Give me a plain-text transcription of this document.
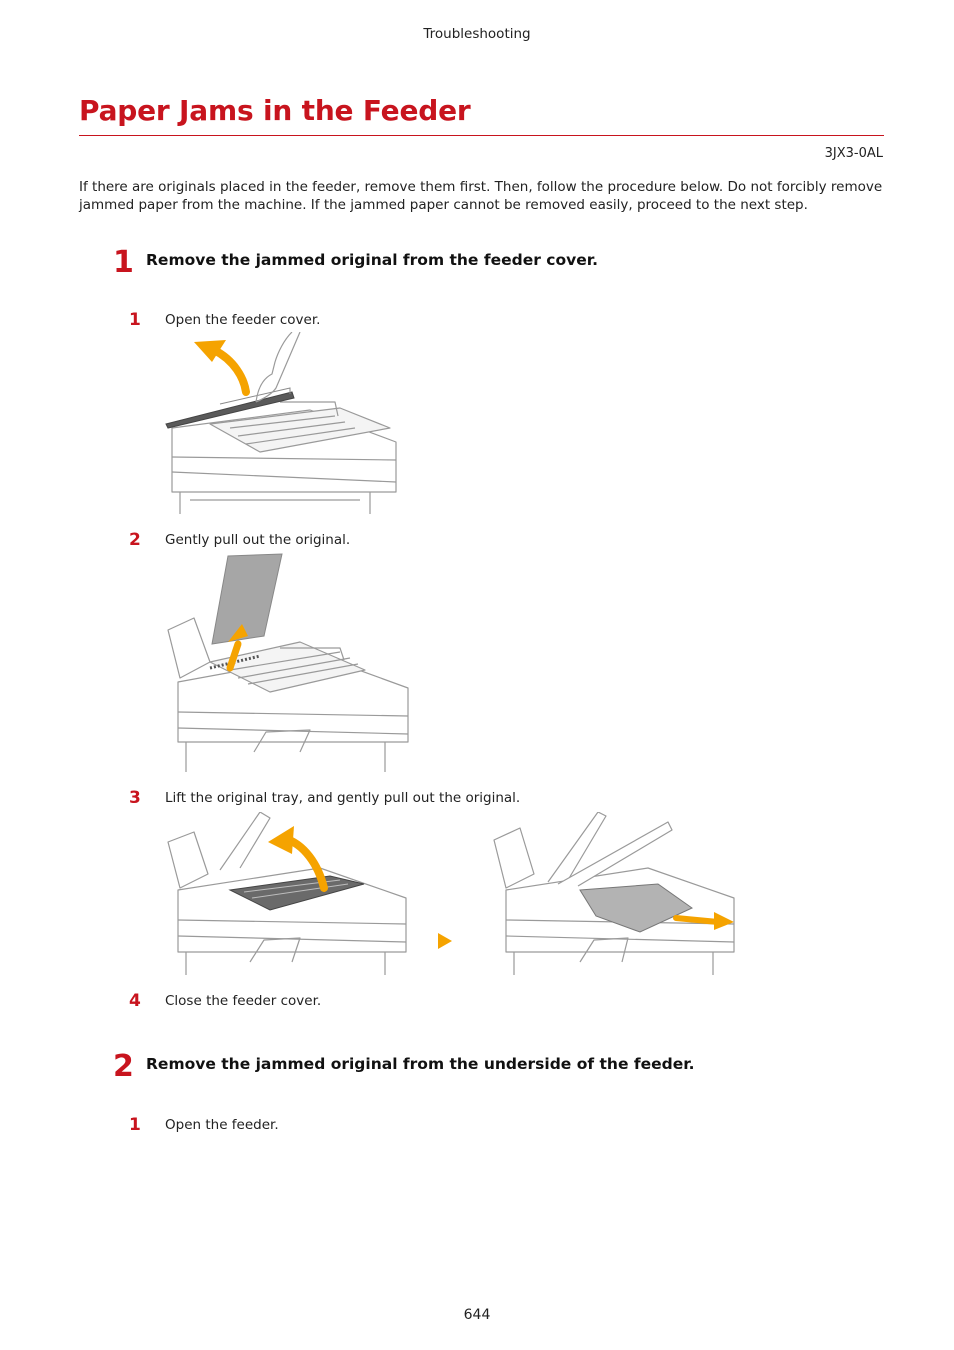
Troubleshooting
Paper Jams in the Feeder
3JX3-0AL
If there are originals placed in the feeder, remove them first. Then, follow the procedure below. Do not forcibly remove jammed paper from the machine. If the jammed paper cannot be removed easily, proceed to the next step.
1 Remove the jammed original from the feeder cover.
1 Open the feeder cover.
2 Gently pull out the original.
3 Lift the original tray, and gently pull out the original.
4 Close the feeder cover.
2 Remove the jammed original from the underside of the feeder.
1 Open the feeder.
644
